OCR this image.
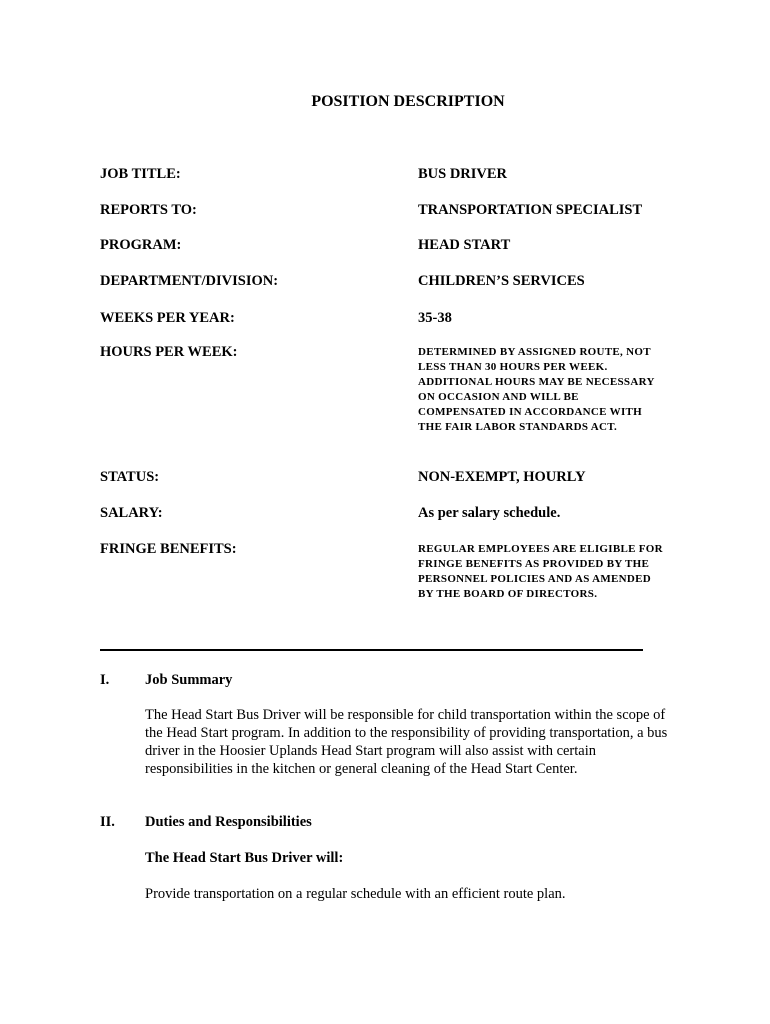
POSITION DESCRIPTION
JOB TITLE:	BUS DRIVER
REPORTS TO:	TRANSPORTATION SPECIALIST
PROGRAM:	HEAD START
DEPARTMENT/DIVISION:	CHILDREN’S SERVICES
WEEKS PER YEAR:	35-38
HOURS PER WEEK:	DETERMINED BY ASSIGNED ROUTE, NOT LESS THAN 30 HOURS PER WEEK. ADDITIONAL HOURS MAY BE NECESSARY ON OCCASION AND WILL BE COMPENSATED IN ACCORDANCE WITH THE FAIR LABOR STANDARDS ACT.
STATUS:	NON-EXEMPT, HOURLY
SALARY:	As per salary schedule.
FRINGE BENEFITS:	REGULAR EMPLOYEES ARE ELIGIBLE FOR FRINGE BENEFITS AS PROVIDED BY THE PERSONNEL POLICIES AND AS AMENDED BY THE BOARD OF DIRECTORS.
I. Job Summary
The Head Start Bus Driver will be responsible for child transportation within the scope of the Head Start program. In addition to the responsibility of providing transportation, a bus driver in the Hoosier Uplands Head Start program will also assist with certain responsibilities in the kitchen or general cleaning of the Head Start Center.
II. Duties and Responsibilities
The Head Start Bus Driver will:
Provide transportation on a regular schedule with an efficient route plan.
